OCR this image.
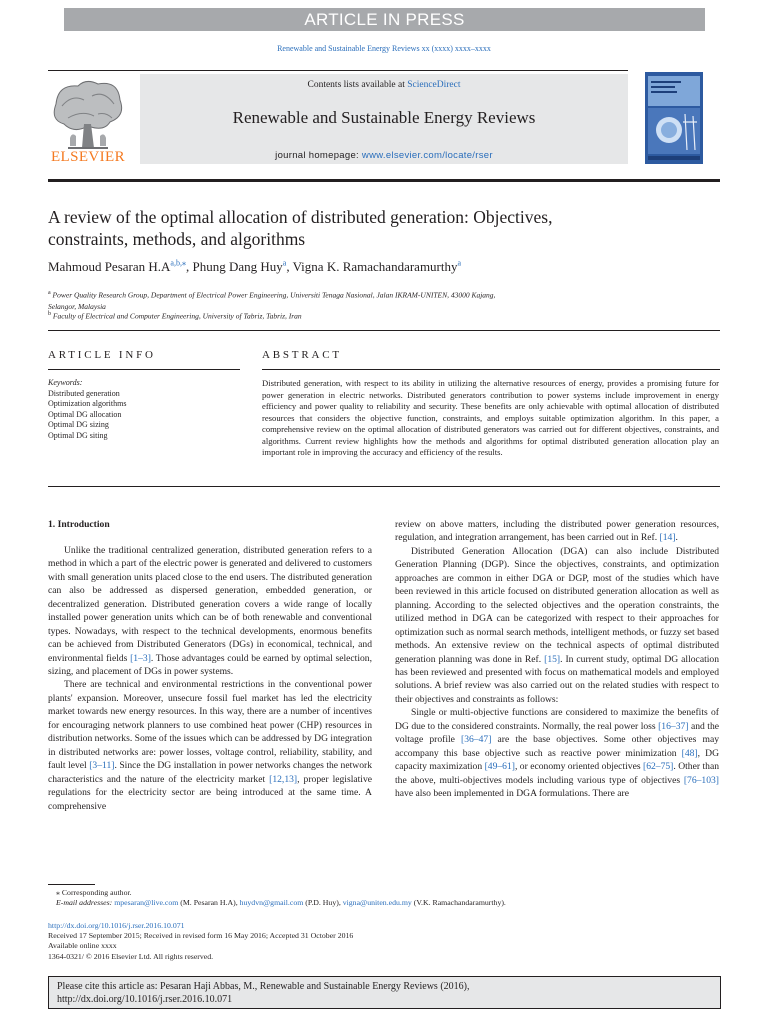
ARTICLE IN PRESS
Renewable and Sustainable Energy Reviews xx (xxxx) xxxx–xxxx
ELSEVIER
Contents lists available at ScienceDirect
Renewable and Sustainable Energy Reviews
journal homepage: www.elsevier.com/locate/rser
A review of the optimal allocation of distributed generation: Objectives,
constraints, methods, and algorithms
Mahmoud Pesaran $H.A^{a,b,⁎}$, Phung Dang Huy$^a$, Vigna K. Ramachandaramurthy$^a$
$^a$ Power Quality Research Group, Department of Electrical Power Engineering, Universiti Tenaga Nasional, Jalan IKRAM-UNITEN, 43000 Kajang,
Selangor, Malaysia
$^b$ Faculty of Electrical and Computer Engineering, University of Tabriz, Tabriz, Iran
ARTICLE INFO	ABSTRACT
Keywords:
Distributed generation
Optimization algorithms
Optimal DG allocation
Optimal DG sizing
Optimal DG siting
Distributed generation, with respect to its ability in utilizing the alternative resources of energy, provides a promising future for power generation in electric networks. Distributed generators contribution to power systems include improvement in energy efficiency and power quality to reliability and security. These benefits are only achievable with optimal allocation of distributed resources that considers the objective function, constraints, and employs suitable optimization algorithm. In this paper, a comprehensive review on the optimal allocation of distributed generators was carried out for different objectives, constraints, and algorithms. Current review highlights how the methods and algorithms for optimal distributed generation allocation play an important role in improving the accuracy and efficiency of the results.
1. Introduction

Unlike the traditional centralized generation, distributed generation refers to a method in which a part of the electric power is generated and delivered to customers with small generation units placed close to the end users. The distributed generation can also be addressed as dispersed generation, embedded generation, or decentralized generation. Distributed generation covers a wide range of locally installed power generation units which can be of both renewable and conventional types. Nowadays, with respect to the technical developments, enormous benefits can be achieved from Distributed Generators (DGs) in economical, technical, and environmental fields [1–3]. Those advantages could be earned by optimal selection, sizing, and placement of DGs in power systems.

There are technical and environmental restrictions in the conventional power plants' expansion. Moreover, unsecure fossil fuel market has led the electricity market towards new energy resources. In this way, there are a number of incentives for encouraging network planners to use combined heat power (CHP) resources in distribution networks. Some of the issues which can be addressed by DG integration in distributed networks are: power losses, voltage control, reliability, stability, and fault level [3–11]. Since the DG installation in power networks changes the network characteristics and the nature of the electricity market [12,13], proper legislative regulations for the electricity sector are being introduced at the same time. A comprehensive

review on above matters, including the distributed power generation resources, regulation, and integration arrangement, has been carried out in Ref. [14].

Distributed Generation Allocation (DGA) can also include Distributed Generation Planning (DGP). Since the objectives, constraints, and optimization approaches are common in either DGA or DGP, most of the studies which have been reviewed in this article focused on distributed generation allocation as well as planning. According to the selected objectives and the operation constraints, the utilized method in DGA can be categorized with respect to their approaches for optimization such as normal search methods, intelligent methods, or fuzzy set based methods. An extensive review on the technical aspects of optimal distributed generation planning was done in Ref. [15]. In current study, optimal DG allocation has been reviewed and presented with focus on mathematical models and employed solutions. A brief review was also carried out on the related studies with respect to their objectives and constraints as follows:

Single or multi-objective functions are considered to maximize the benefits of DG due to the considered constraints. Normally, the real power loss [16–37] and the voltage profile [36–47] are the base objectives. Some other objectives may accompany this base objective such as reactive power minimization [48], DG capacity maximization [49–61], or economy oriented objectives [62–75]. Other than the above, multi-objectives models including various type of objectives [76–103] have also been implemented in DGA formulations. There are

⁎ Corresponding author.
E-mail addresses: mpesaran@live.com (M. Pesaran H.A), huydvn@gmail.com (P.D. Huy), vigna@uniten.edu.my (V.K. Ramachandaramurthy).
http://dx.doi.org/10.1016/j.rser.2016.10.071
Received 17 September 2015; Received in revised form 16 May 2016; Accepted 31 October 2016
Available online xxxx
1364-0321/ © 2016 Elsevier Ltd. All rights reserved.
Please cite this article as: Pesaran Haji Abbas, M., Renewable and Sustainable Energy Reviews (2016),
http://dx.doi.org/10.1016/j.rser.2016.10.071
